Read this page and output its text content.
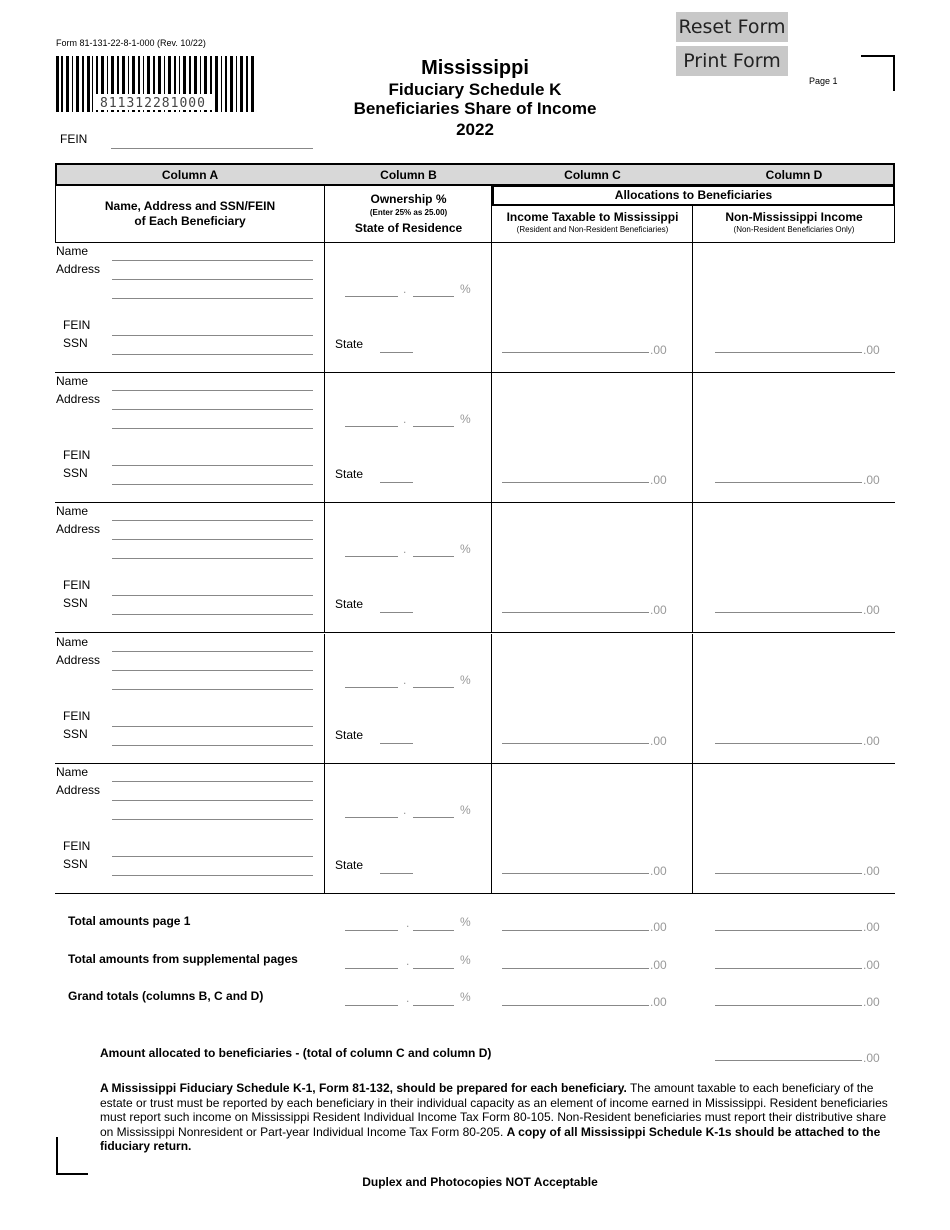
Form 81-131-22-8-1-000 (Rev. 10/22)
811312281000
FEIN
Mississippi
Fiduciary Schedule K
Beneficiaries Share of Income
2022
Reset Form
Print Form
Page 1
Column A	Column B	Column C	Column D
Name, Address and SSN/FEIN
of Each Beneficiary
Ownership %
(Enter 25% as 25.00)
State of Residence
Allocations to Beneficiaries
Income Taxable to Mississippi
(Resident and Non-Resident Beneficiaries)
Non-Mississippi Income
(Non-Resident Beneficiaries Only)
Name
Address
FEIN
SSN
.	%
State	.00	.00
Name
Address
FEIN
SSN
.	%
State	.00	.00
Name
Address
FEIN
SSN
.	%
State	.00	.00
Name
Address
FEIN
SSN
.	%
State	.00	.00
Name
Address
FEIN
SSN
.	%
State	.00	.00
Total amounts page 1	.	%	.00	.00
Total amounts from supplemental pages	.	%	.00	.00
Grand totals (columns B, C and D)	.	%	.00	.00
Amount allocated to beneficiaries - (total of column C and column D)	.00
A Mississippi Fiduciary Schedule K-1, Form 81-132, should be prepared for each beneficiary. The amount taxable to each beneficiary of the estate or trust must be reported by each beneficiary in their individual capacity as an element of income earned in Mississippi. Resident beneficiaries must report such income on Mississippi Resident Individual Income Tax Form 80-105. Non-Resident beneficiaries must report their distributive share on Mississippi Nonresident or Part-year Individual Income Tax Form 80-205. A copy of all Mississippi Schedule K-1s should be attached to the fiduciary return.
Duplex and Photocopies NOT Acceptable
